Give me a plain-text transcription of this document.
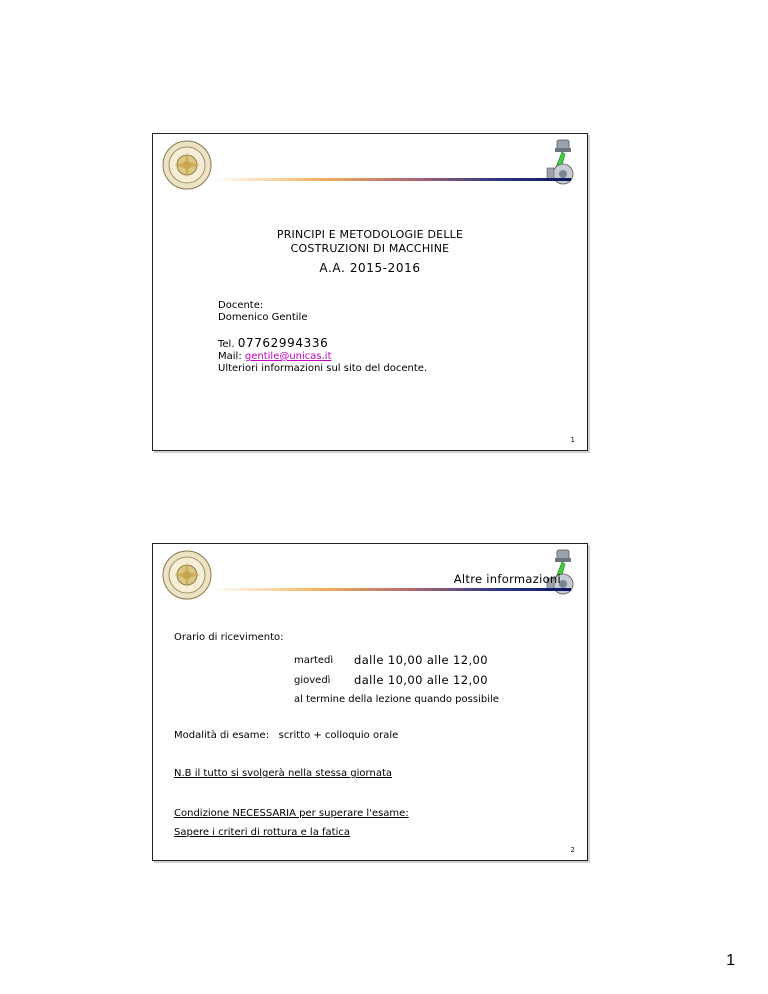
PRINCIPI E METODOLOGIE DELLE
COSTRUZIONI DI MACCHINE
A.A. 2015-2016
Docente:
Domenico Gentile
Tel. 07762994336
Mail: gentile@unicas.it
Ulteriori informazioni sul sito del docente.
1
Altre informazioni
Orario di ricevimento:
martedì dalle 10,00 alle 12,00
giovedì dalle 10,00 alle 12,00
al termine della lezione quando possibile
Modalità di esame: scritto + colloquio orale
N.B il tutto si svolgerà nella stessa giornata
Condizione NECESSARIA per superare l'esame:
Sapere i criteri di rottura e la fatica
2
1
